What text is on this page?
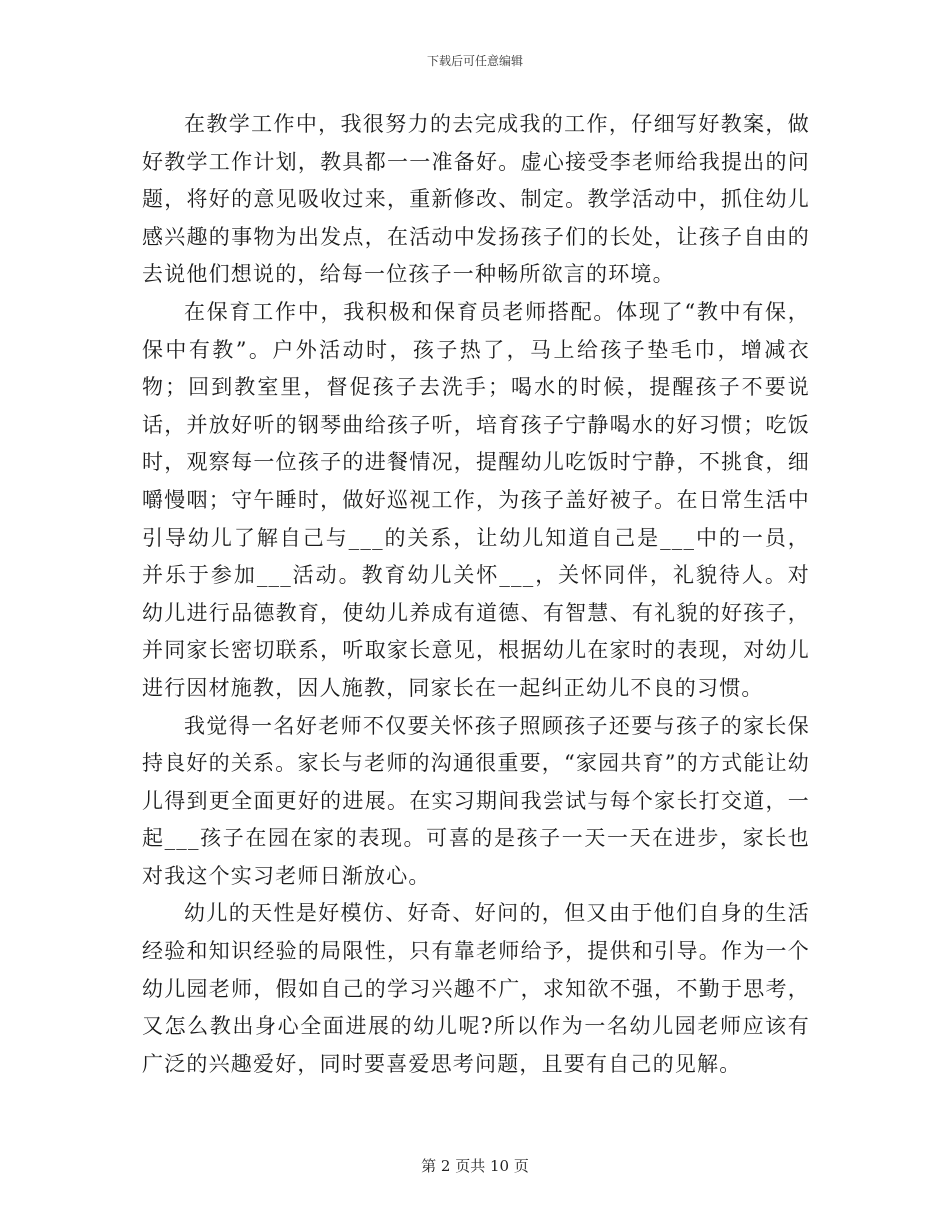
下载后可任意编辑

在教学工作中，我很努力的去完成我的工作，仔细写好教案，做好教学工作计划，教具都一一准备好。虚心接受李老师给我提出的问题，将好的意见吸收过来，重新修改、制定。教学活动中，抓住幼儿感兴趣的事物为出发点，在活动中发扬孩子们的长处，让孩子自由的去说他们想说的，给每一位孩子一种畅所欲言的环境。

在保育工作中，我积极和保育员老师搭配。体现了“教中有保，保中有教”。户外活动时，孩子热了，马上给孩子垫毛巾，增减衣物；回到教室里，督促孩子去洗手；喝水的时候，提醒孩子不要说话，并放好听的钢琴曲给孩子听，培育孩子宁静喝水的好习惯；吃饭时，观察每一位孩子的进餐情况，提醒幼儿吃饭时宁静，不挑食，细嚼慢咽；守午睡时，做好巡视工作，为孩子盖好被子。在日常生活中引导幼儿了解自己与___的关系，让幼儿知道自己是___中的一员，并乐于参加___活动。教育幼儿关怀___，关怀同伴，礼貌待人。对幼儿进行品德教育，使幼儿养成有道德、有智慧、有礼貌的好孩子，并同家长密切联系，听取家长意见，根据幼儿在家时的表现，对幼儿进行因材施教，因人施教，同家长在一起纠正幼儿不良的习惯。

我觉得一名好老师不仅要关怀孩子照顾孩子还要与孩子的家长保持良好的关系。家长与老师的沟通很重要，“家园共育”的方式能让幼儿得到更全面更好的进展。在实习期间我尝试与每个家长打交道，一起___孩子在园在家的表现。可喜的是孩子一天一天在进步，家长也对我这个实习老师日渐放心。

幼儿的天性是好模仿、好奇、好问的，但又由于他们自身的生活经验和知识经验的局限性，只有靠老师给予，提供和引导。作为一个幼儿园老师，假如自己的学习兴趣不广，求知欲不强，不勤于思考，又怎么教出身心全面进展的幼儿呢?所以作为一名幼儿园老师应该有广泛的兴趣爱好，同时要喜爱思考问题，且要有自己的见解。

第 2 页共 10 页
